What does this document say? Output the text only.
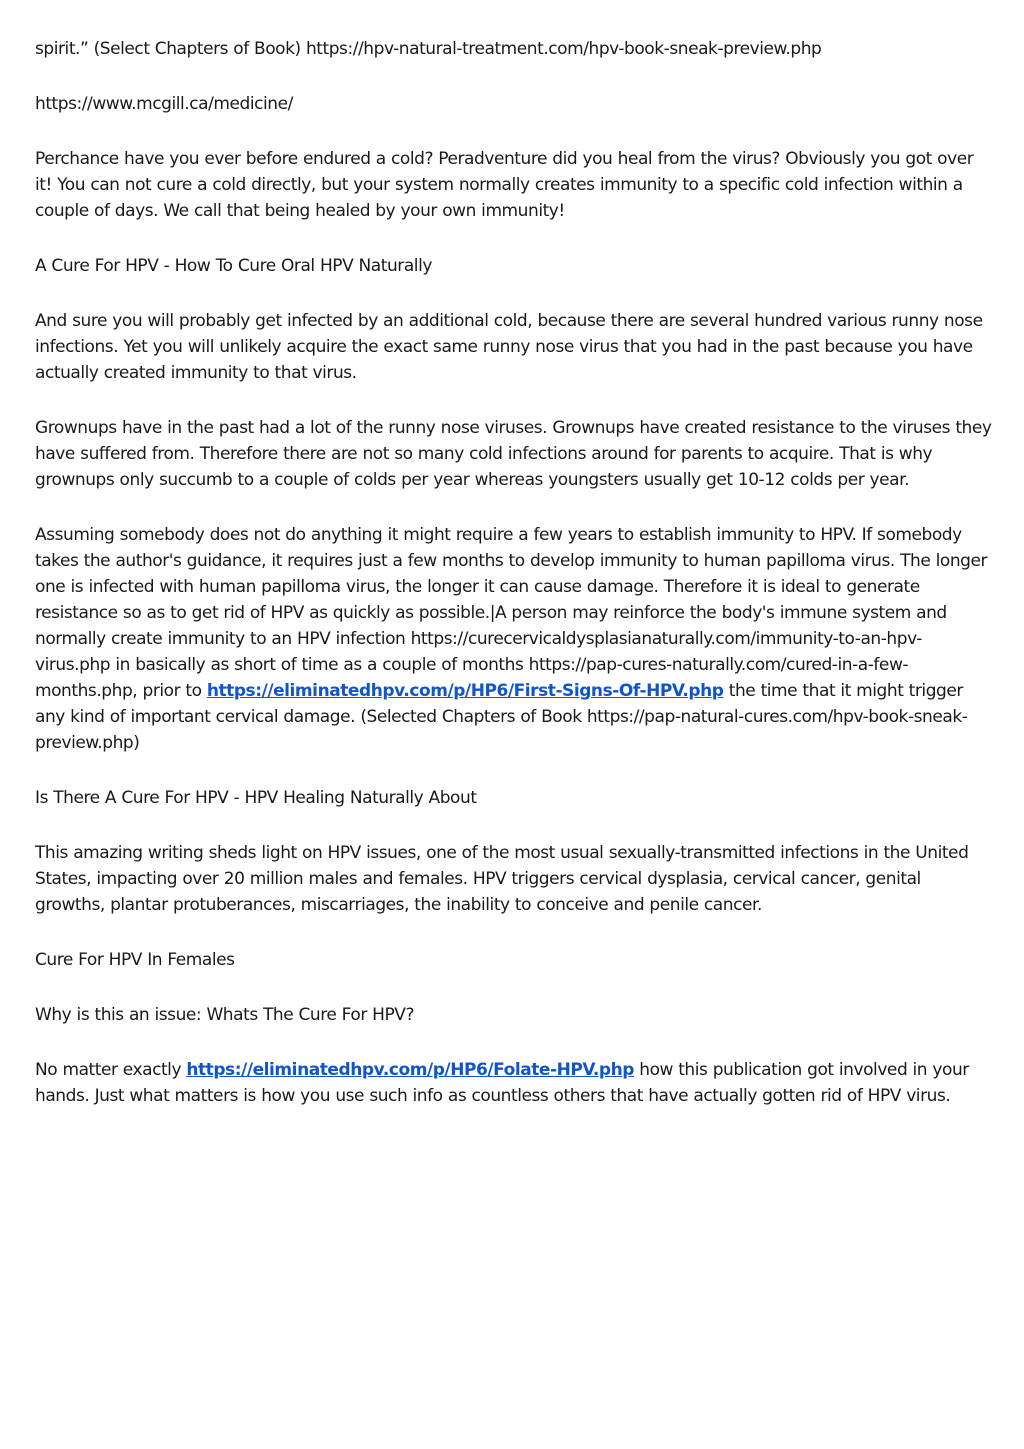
spirit.” (Select Chapters of Book) https://hpv-natural-treatment.com/hpv-book-sneak-preview.php

https://www.mcgill.ca/medicine/

Perchance have you ever before endured a cold? Peradventure did you heal from the virus? Obviously you got over it! You can not cure a cold directly, but your system normally creates immunity to a specific cold infection within a couple of days. We call that being healed by your own immunity!

A Cure For HPV - How To Cure Oral HPV Naturally

And sure you will probably get infected by an additional cold, because there are several hundred various runny nose infections. Yet you will unlikely acquire the exact same runny nose virus that you had in the past because you have actually created immunity to that virus.

Grownups have in the past had a lot of the runny nose viruses. Grownups have created resistance to the viruses they have suffered from. Therefore there are not so many cold infections around for parents to acquire. That is why grownups only succumb to a couple of colds per year whereas youngsters usually get 10-12 colds per year.

Assuming somebody does not do anything it might require a few years to establish immunity to HPV. If somebody takes the author's guidance, it requires just a few months to develop immunity to human papilloma virus. The longer one is infected with human papilloma virus, the longer it can cause damage. Therefore it is ideal to generate resistance so as to get rid of HPV as quickly as possible.|A person may reinforce the body's immune system and normally create immunity to an HPV infection https://curecervicaldysplasianaturally.com/immunity-to-an-hpv-virus.php in basically as short of time as a couple of months https://pap-cures-naturally.com/cured-in-a-few-months.php, prior to https://eliminatedhpv.com/p/HP6/First-Signs-Of-HPV.php the time that it might trigger any kind of important cervical damage. (Selected Chapters of Book https://pap-natural-cures.com/hpv-book-sneak-preview.php)

Is There A Cure For HPV - HPV Healing Naturally About

This amazing writing sheds light on HPV issues, one of the most usual sexually-transmitted infections in the United States, impacting over 20 million males and females. HPV triggers cervical dysplasia, cervical cancer, genital growths, plantar protuberances, miscarriages, the inability to conceive and penile cancer.

Cure For HPV In Females

Why is this an issue: Whats The Cure For HPV?

No matter exactly https://eliminatedhpv.com/p/HP6/Folate-HPV.php how this publication got involved in your hands. Just what matters is how you use such info as countless others that have actually gotten rid of HPV virus.
